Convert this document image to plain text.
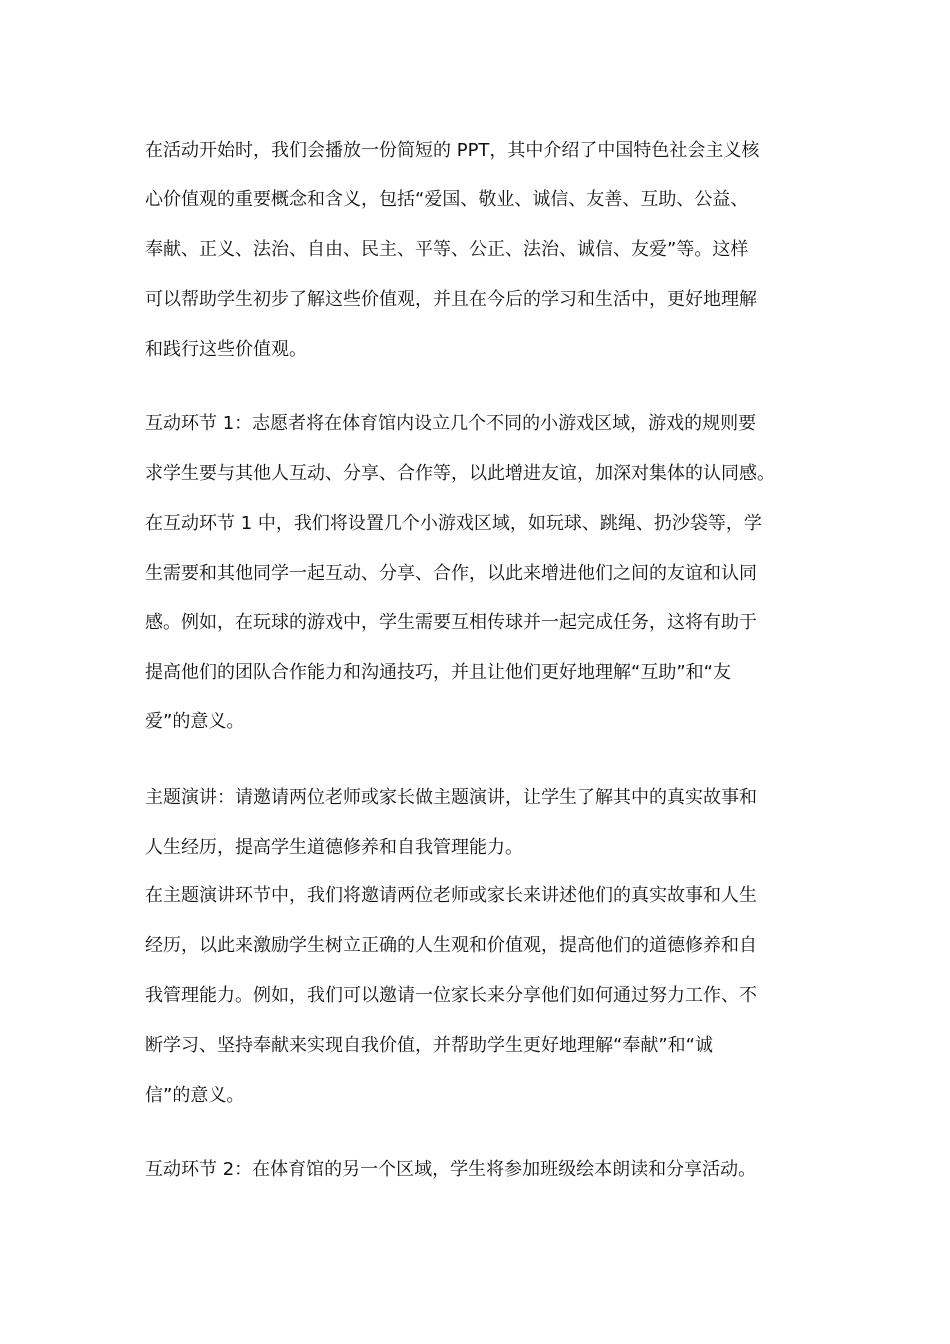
在活动开始时，我们会播放一份简短的 PPT，其中介绍了中国特色社会主义核
心价值观的重要概念和含义，包括“爱国、敬业、诚信、友善、互助、公益、
奉献、正义、法治、自由、民主、平等、公正、法治、诚信、友爱”等。这样
可以帮助学生初步了解这些价值观，并且在今后的学习和生活中，更好地理解
和践行这些价值观。
互动环节 1：志愿者将在体育馆内设立几个不同的小游戏区域，游戏的规则要
求学生要与其他人互动、分享、合作等，以此增进友谊，加深对集体的认同感。
在互动环节 1 中，我们将设置几个小游戏区域，如玩球、跳绳、扔沙袋等，学
生需要和其他同学一起互动、分享、合作，以此来增进他们之间的友谊和认同
感。例如，在玩球的游戏中，学生需要互相传球并一起完成任务，这将有助于
提高他们的团队合作能力和沟通技巧，并且让他们更好地理解“互助”和“友
爱”的意义。
主题演讲：请邀请两位老师或家长做主题演讲，让学生了解其中的真实故事和
人生经历，提高学生道德修养和自我管理能力。
在主题演讲环节中，我们将邀请两位老师或家长来讲述他们的真实故事和人生
经历，以此来激励学生树立正确的人生观和价值观，提高他们的道德修养和自
我管理能力。例如，我们可以邀请一位家长来分享他们如何通过努力工作、不
断学习、坚持奉献来实现自我价值，并帮助学生更好地理解“奉献”和“诚
信”的意义。
互动环节 2：在体育馆的另一个区域，学生将参加班级绘本朗读和分享活动。
